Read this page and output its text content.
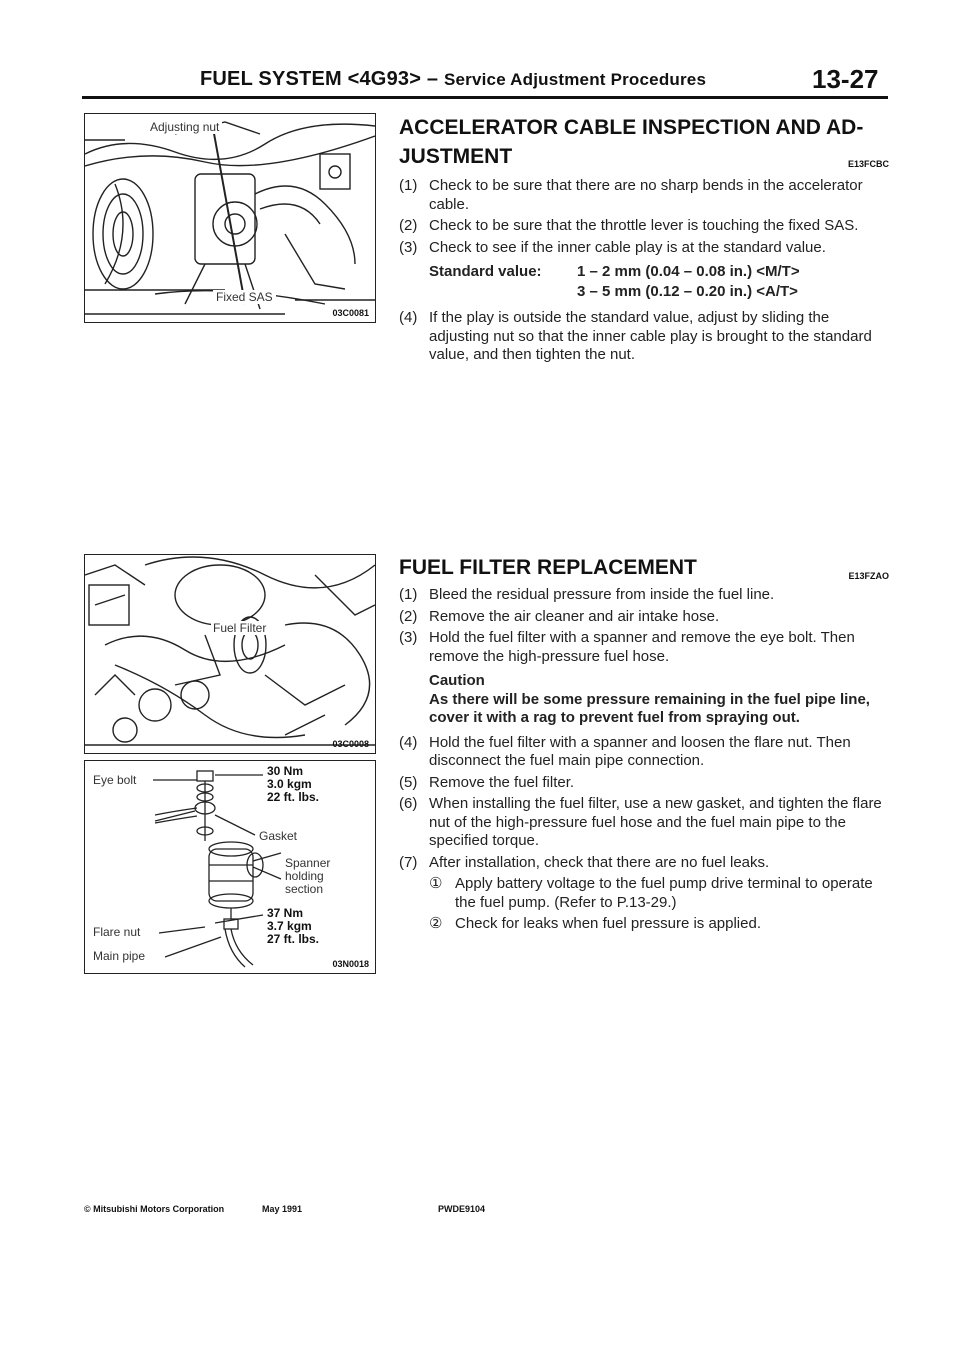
FUEL SYSTEM <4G93> – Service Adjustment Procedures	13-27
Adjusting nut
Fixed SAS
03C0081
ACCELERATOR CABLE INSPECTION AND AD-
JUSTMENT	E13FCBC
(1) Check to be sure that there are no sharp bends in the accelerator cable.
(2) Check to be sure that the throttle lever is touching the fixed SAS.
(3) Check to see if the inner cable play is at the standard value.
Standard value: 1 – 2 mm (0.04 – 0.08 in.) <M/T>
3 – 5 mm (0.12 – 0.20 in.) <A/T>
(4) If the play is outside the standard value, adjust by sliding the adjusting nut so that the inner cable play is brought to the standard value, and then tighten the nut.
Fuel Filter
03C0008
Eye bolt
30 Nm
3.0 kgm
22 ft. lbs.
Gasket
Spanner
holding
section
Flare nut
Main pipe
37 Nm
3.7 kgm
27 ft. lbs.
03N0018
FUEL FILTER REPLACEMENT	E13FZAO
(1) Bleed the residual pressure from inside the fuel line.
(2) Remove the air cleaner and air intake hose.
(3) Hold the fuel filter with a spanner and remove the eye bolt. Then remove the high-pressure fuel hose.
Caution
As there will be some pressure remaining in the fuel pipe line, cover it with a rag to prevent fuel from spraying out.
(4) Hold the fuel filter with a spanner and loosen the flare nut. Then disconnect the fuel main pipe connection.
(5) Remove the fuel filter.
(6) When installing the fuel filter, use a new gasket, and tighten the flare nut of the high-pressure fuel hose and the fuel main pipe to the specified torque.
(7) After installation, check that there are no fuel leaks.
① Apply battery voltage to the fuel pump drive terminal to operate the fuel pump. (Refer to P.13-29.)
② Check for leaks when fuel pressure is applied.
© Mitsubishi Motors Corporation	May 1991	PWDE9104
